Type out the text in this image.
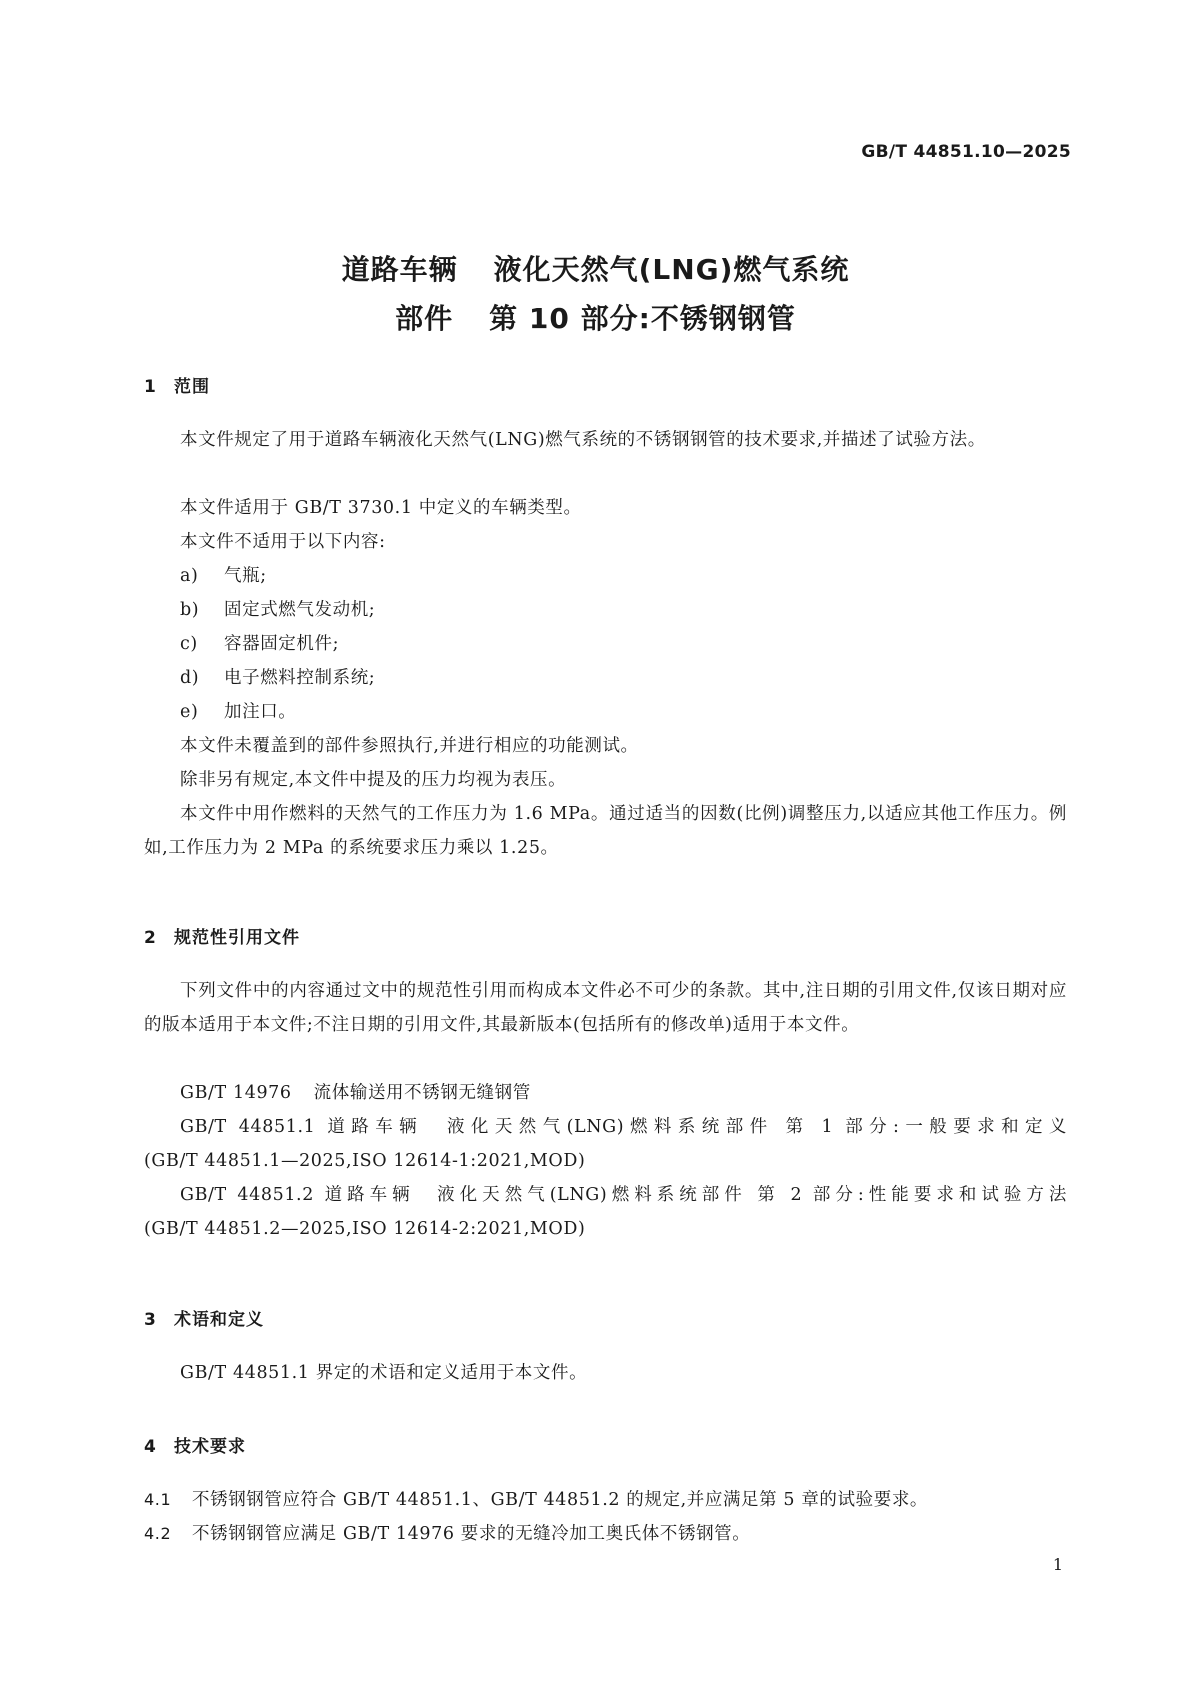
GB/T 44851.10—2025
道路车辆 液化天然气(LNG)燃气系统
部件 第 10 部分:不锈钢钢管
1 范围
本文件规定了用于道路车辆液化天然气(LNG)燃气系统的不锈钢钢管的技术要求,并描述了试验方法。
本文件适用于 GB/T 3730.1 中定义的车辆类型。
本文件不适用于以下内容:
a) 气瓶;
b) 固定式燃气发动机;
c) 容器固定机件;
d) 电子燃料控制系统;
e) 加注口。
本文件未覆盖到的部件参照执行,并进行相应的功能测试。
除非另有规定,本文件中提及的压力均视为表压。
本文件中用作燃料的天然气的工作压力为 1.6 MPa。通过适当的因数(比例)调整压力,以适应其他工作压力。例如,工作压力为 2 MPa 的系统要求压力乘以 1.25。
2 规范性引用文件
下列文件中的内容通过文中的规范性引用而构成本文件必不可少的条款。其中,注日期的引用文件,仅该日期对应的版本适用于本文件;不注日期的引用文件,其最新版本(包括所有的修改单)适用于本文件。
GB/T 14976 流体输送用不锈钢无缝钢管
GB/T 44851.1 道路车辆　液化天然气(LNG)燃料系统部件 第 1 部分:一般要求和定义
(GB/T 44851.1—2025,ISO 12614-1:2021,MOD)
GB/T 44851.2 道路车辆　液化天然气(LNG)燃料系统部件 第 2 部分:性能要求和试验方法
(GB/T 44851.2—2025,ISO 12614-2:2021,MOD)
3 术语和定义
GB/T 44851.1 界定的术语和定义适用于本文件。
4 技术要求
4.1 不锈钢钢管应符合 GB/T 44851.1、GB/T 44851.2 的规定,并应满足第 5 章的试验要求。
4.2 不锈钢钢管应满足 GB/T 14976 要求的无缝冷加工奥氏体不锈钢管。
1
